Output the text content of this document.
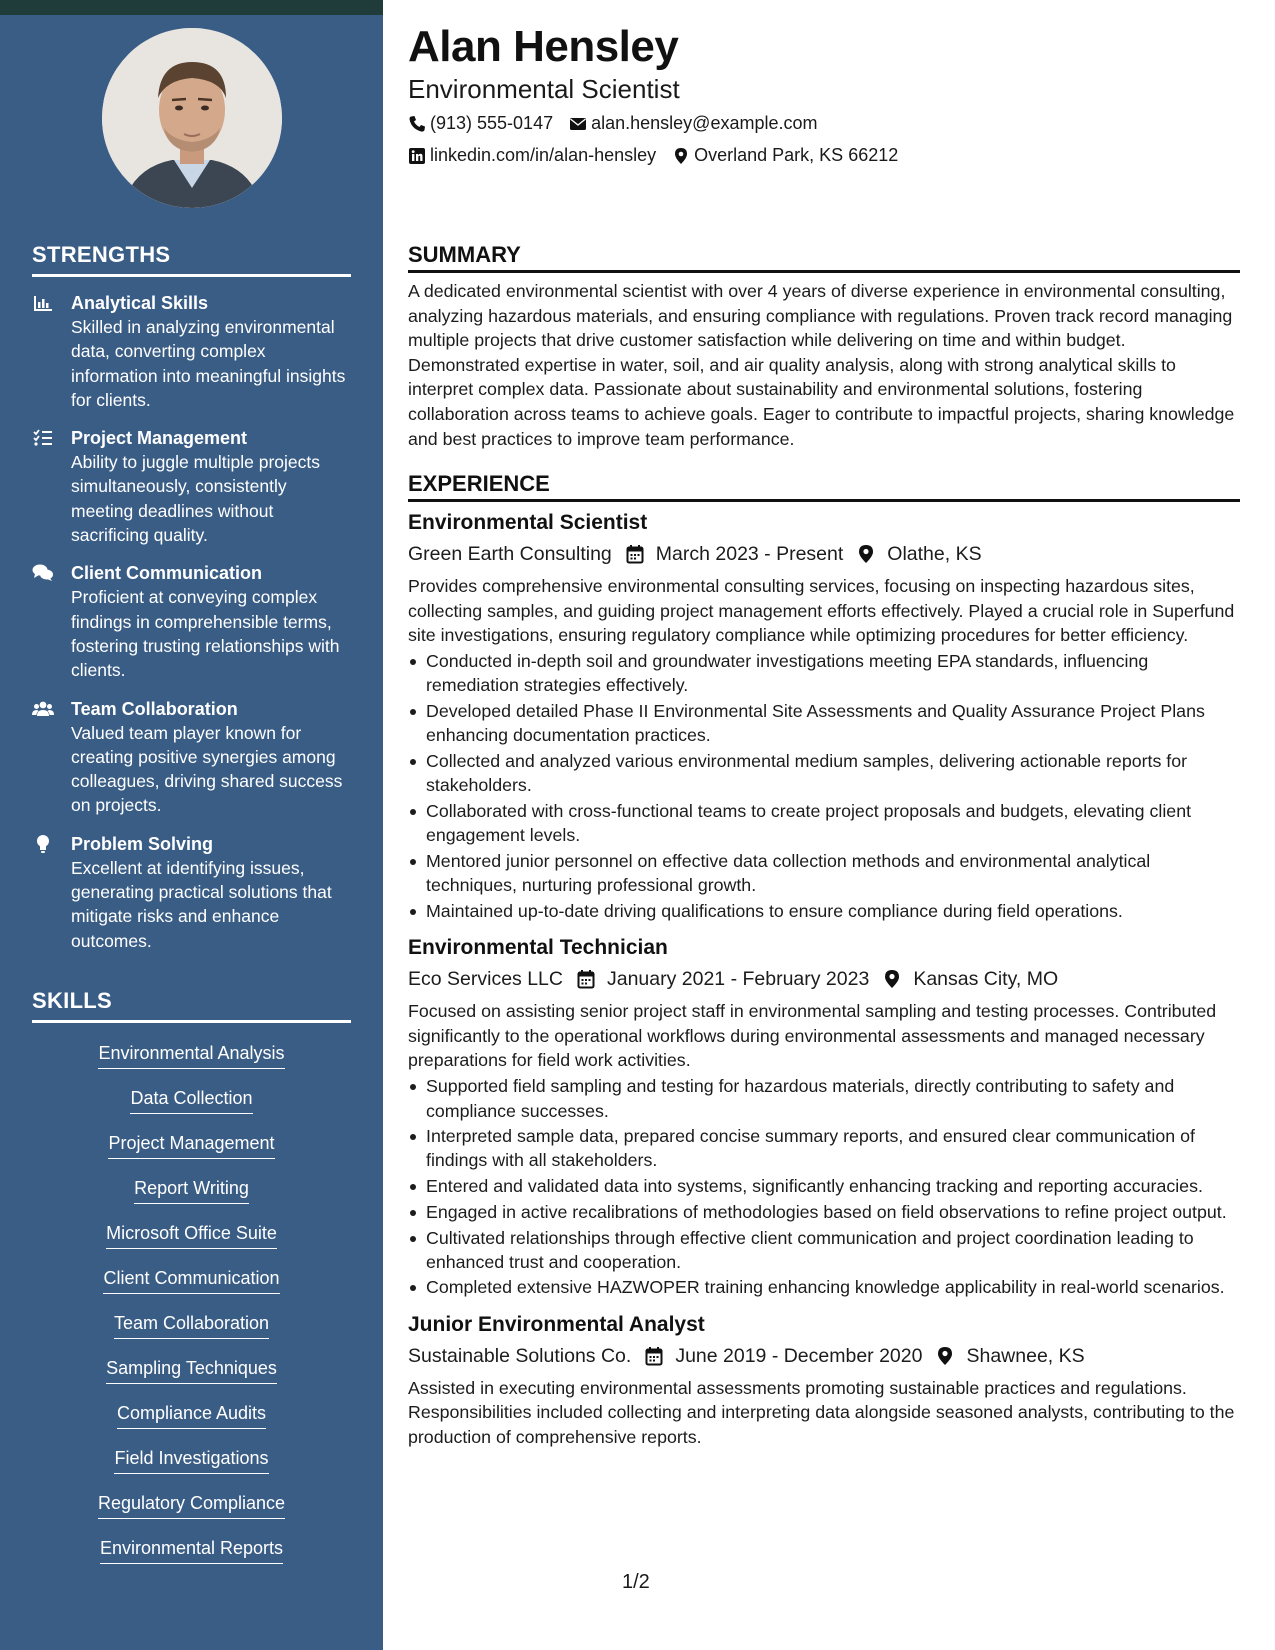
STRENGTHS
Analytical Skills
Skilled in analyzing environmental data, converting complex information into meaningful insights for clients.
Project Management
Ability to juggle multiple projects simultaneously, consistently meeting deadlines without sacrificing quality.
Client Communication
Proficient at conveying complex findings in comprehensible terms, fostering trusting relationships with clients.
Team Collaboration
Valued team player known for creating positive synergies among colleagues, driving shared success on projects.
Problem Solving
Excellent at identifying issues, generating practical solutions that mitigate risks and enhance outcomes.
SKILLS
Environmental Analysis
Data Collection
Project Management
Report Writing
Microsoft Office Suite
Client Communication
Team Collaboration
Sampling Techniques
Compliance Audits
Field Investigations
Regulatory Compliance
Environmental Reports
Alan Hensley
Environmental Scientist
(913) 555-0147 alan.hensley@example.com
linkedin.com/in/alan-hensley Overland Park, KS 66212
SUMMARY
A dedicated environmental scientist with over 4 years of diverse experience in environmental consulting, analyzing hazardous materials, and ensuring compliance with regulations. Proven track record managing multiple projects that drive customer satisfaction while delivering on time and within budget. Demonstrated expertise in water, soil, and air quality analysis, along with strong analytical skills to interpret complex data. Passionate about sustainability and environmental solutions, fostering collaboration across teams to achieve goals. Eager to contribute to impactful projects, sharing knowledge and best practices to improve team performance.
EXPERIENCE
Environmental Scientist
Green Earth Consulting March 2023 - Present Olathe, KS
Provides comprehensive environmental consulting services, focusing on inspecting hazardous sites, collecting samples, and guiding project management efforts effectively. Played a crucial role in Superfund site investigations, ensuring regulatory compliance while optimizing procedures for better efficiency.
Conducted in-depth soil and groundwater investigations meeting EPA standards, influencing remediation strategies effectively.
Developed detailed Phase II Environmental Site Assessments and Quality Assurance Project Plans enhancing documentation practices.
Collected and analyzed various environmental medium samples, delivering actionable reports for stakeholders.
Collaborated with cross-functional teams to create project proposals and budgets, elevating client engagement levels.
Mentored junior personnel on effective data collection methods and environmental analytical techniques, nurturing professional growth.
Maintained up-to-date driving qualifications to ensure compliance during field operations.
Environmental Technician
Eco Services LLC January 2021 - February 2023 Kansas City, MO
Focused on assisting senior project staff in environmental sampling and testing processes. Contributed significantly to the operational workflows during environmental assessments and managed necessary preparations for field work activities.
Supported field sampling and testing for hazardous materials, directly contributing to safety and compliance successes.
Interpreted sample data, prepared concise summary reports, and ensured clear communication of findings with all stakeholders.
Entered and validated data into systems, significantly enhancing tracking and reporting accuracies.
Engaged in active recalibrations of methodologies based on field observations to refine project output.
Cultivated relationships through effective client communication and project coordination leading to enhanced trust and cooperation.
Completed extensive HAZWOPER training enhancing knowledge applicability in real-world scenarios.
Junior Environmental Analyst
Sustainable Solutions Co. June 2019 - December 2020 Shawnee, KS
Assisted in executing environmental assessments promoting sustainable practices and regulations. Responsibilities included collecting and interpreting data alongside seasoned analysts, contributing to the production of comprehensive reports.
1/2
